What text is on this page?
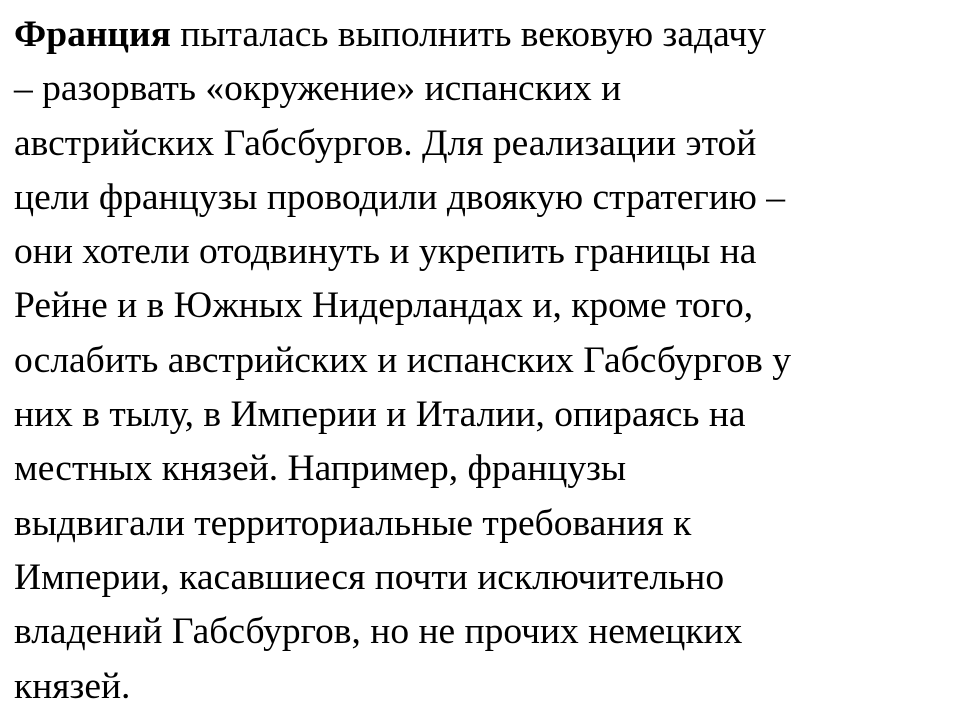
Франция пыталась выполнить вековую задачу
– разорвать «окружение» испанских и
австрийских Габсбургов. Для реализации этой
цели французы проводили двоякую стратегию –
они хотели отодвинуть и укрепить границы на
Рейне и в Южных Нидерландах и, кроме того,
ослабить австрийских и испанских Габсбургов у
них в тылу, в Империи и Италии, опираясь на
местных князей. Например, французы
выдвигали территориальные требования к
Империи, касавшиеся почти исключительно
владений Габсбургов, но не прочих немецких
князей.
